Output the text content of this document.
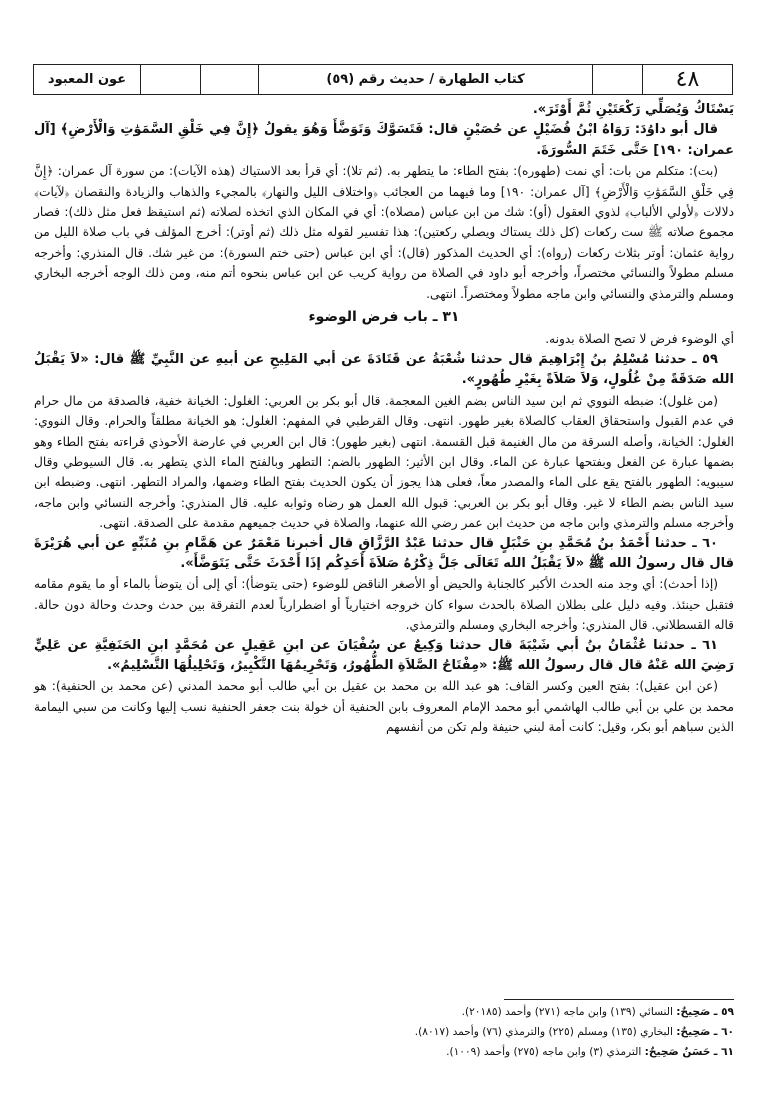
عون المعبود	كتاب الطهارة / حديث رقم (٥٩)	٤٨

يَسْتَاكُ وَيُصَلِّي رَكْعَتَيْنِ ثُمَّ أَوْتَرَ».

قال أبو داوُدَ: رَوَاهُ ابْنُ فُضَيْلٍ عن حُصَيْنٍ قال: فَتَسَوَّكَ وَتَوَضَّأَ وَهُوَ يقولُ ﴿إِنَّ فِي خَلْقِ السَّمَوَٰتِ وَالْأَرْضِ﴾ [آل عمران: ١٩٠] حَتَّى خَتَمَ السُّورَةَ.

(بت): متكلم من بات: أي نمت (طهوره): بفتح الطاء: ما يتطهر به. (ثم تلا): أي قرأ بعد الاستياك (هذه الآيات): من سورة آل عمران: ﴿إِنَّ فِي خَلْقِ السَّمَوَٰتِ وَالْأَرْضِ﴾ [آل عمران: ١٩٠] وما فيهما من العجائب ﴿واختلاف الليل والنهار﴾ بالمجيء والذهاب والزيادة والنقصان ﴿لآيات﴾ دلالات ﴿لأولي الألباب﴾ لذوي العقول (أو): شك من ابن عباس (مصلاه): أي في المكان الذي اتخذه لصلاته (ثم استيقظ فعل مثل ذلك): فصار مجموع صلاته ﷺ ست ركعات (كل ذلك يستاك ويصلي ركعتين): هذا تفسير لقوله مثل ذلك (ثم أوتر): أخرج المؤلف في باب صلاة الليل من رواية عثمان: أوتر بثلاث ركعات (رواه): أي الحديث المذكور (قال): أي ابن عباس (حتى ختم السورة): من غير شك. قال المنذري: وأخرجه مسلم مطولاً والنسائي مختصراً، وأخرجه أبو داود في الصلاة من رواية كريب عن ابن عباس بنحوه أتم منه، ومن ذلك الوجه أخرجه البخاري ومسلم والترمذي والنسائي وابن ماجه مطولاً ومختصراً. انتهى.

٣١ ـ باب فرض الوضوء

أي الوضوء فرض لا تصح الصلاة بدونه.

٥٩ ـ حدثنا مُسْلِمُ بنُ إِبْرَاهِيمَ قال حدثنا شُعْبَةُ عن قَتَادَةَ عن أبي المَلِيحِ عن أبيهِ عن النَّبِيِّ ﷺ قال: «لاَ يَقْبَلُ الله صَدَقَةً مِنْ غُلُولٍ، وَلاَ صَلاَةً بِغَيْرِ طُهُورٍ».

(من غلول): ضبطه النووي ثم ابن سيد الناس بضم الغين المعجمة. قال أبو بكر بن العربي: الغلول: الخيانة خفية، فالصدقة من مال حرام في عدم القبول واستحقاق العقاب كالصلاة بغير طهور. انتهى. وقال القرطبي في المفهم: الغلول: هو الخيانة مطلقاً والحرام. وقال النووي: الغلول: الخيانة، وأصله السرقة من مال الغنيمة قبل القسمة. انتهى (بغير طهور): قال ابن العربي في عارضة الأحوذي قراءته بفتح الطاء وهو بضمها عبارة عن الفعل وبفتحها عبارة عن الماء. وقال ابن الأثير: الطهور بالضم: التطهر وبالفتح الماء الذي يتطهر به. قال السيوطي وقال سيبويه: الطهور بالفتح يقع على الماء والمصدر معاً، فعلى هذا يجوز أن يكون الحديث بفتح الطاء وضمها، والمراد التطهر. انتهى. وضبطه ابن سيد الناس بضم الطاء لا غير. وقال أبو بكر بن العربي: قبول الله العمل هو رضاه وثوابه عليه. قال المنذري: وأخرجه النسائي وابن ماجه، وأخرجه مسلم والترمذي وابن ماجه من حديث ابن عمر رضي الله عنهما، والصلاة في حديث جميعهم مقدمة على الصدقة. انتهى.

٦٠ ـ حدثنا أَحْمَدُ بنُ مُحَمَّدِ بنِ حَنْبَلٍ قال حدثنا عَبْدُ الرَّزَّاقِ قال أخبرنا مَعْمَرٌ عن هَمَّامِ بنِ مُنَبِّهٍ عن أبي هُرَيْرَةَ قال قال رسولُ الله ﷺ «لاَ يَقْبَلُ الله تَعَالَى جَلَّ ذِكْرُهُ صَلاَةَ أَحَدِكُم إذَا أَحْدَثَ حَتَّى يَتَوَضَّأَ».

(إذا أحدث): أي وجد منه الحدث الأكبر كالجنابة والحيض أو الأصغر الناقض للوضوء (حتى يتوضأ): أي إلى أن يتوضأ بالماء أو ما يقوم مقامه فتقبل حينئذ. وفيه دليل على بطلان الصلاة بالحدث سواء كان خروجه اختيارياً أو اضطرارياً لعدم التفرقة بين حدث وحدث وحالة دون حالة. قاله القسطلاني. قال المنذري: وأخرجه البخاري ومسلم والترمذي.

٦١ ـ حدثنا عُثْمَانُ بنُ أبي شَيْبَةَ قال حدثنا وَكِيعٌ عن سُفْيَانَ عن ابنِ عَقِيلٍ عن مُحَمَّدٍ ابنِ الحَنَفِيَّةِ عن عَلِيٍّ رَضِيَ الله عَنْهُ قال قال رسولُ الله ﷺ: «مِفْتَاحُ الصَّلاَةِ الطُّهُورُ، وَتَحْرِيمُهَا التَّكْبِيرُ، وَتَحْلِيلُهَا التَّسْلِيمُ».

(عن ابن عقيل): بفتح العين وكسر القاف: هو عبد الله بن محمد بن عقيل بن أبي طالب أبو محمد المدني (عن محمد بن الحنفية): هو محمد بن علي بن أبي طالب الهاشمي أبو محمد الإمام المعروف بابن الحنفية أن خولة بنت جعفر الحنفية نسب إليها وكانت من سبي اليمامة الذين سباهم أبو بكر، وقيل: كانت أمة لبني حنيفة ولم تكن من أنفسهم

٥٩ ـ صَحِيحٌ: النسائي (١٣٩) وابن ماجه (٢٧١) وأحمد (٢٠١٨٥).
٦٠ ـ صَحِيحٌ: البخاري (١٣٥) ومسلم (٢٢٥) والترمذي (٧٦) وأحمد (٨٠١٧).
٦١ ـ حَسَنٌ صَحِيحٌ: الترمذي (٣) وابن ماجه (٢٧٥) وأحمد (١٠٠٩).
